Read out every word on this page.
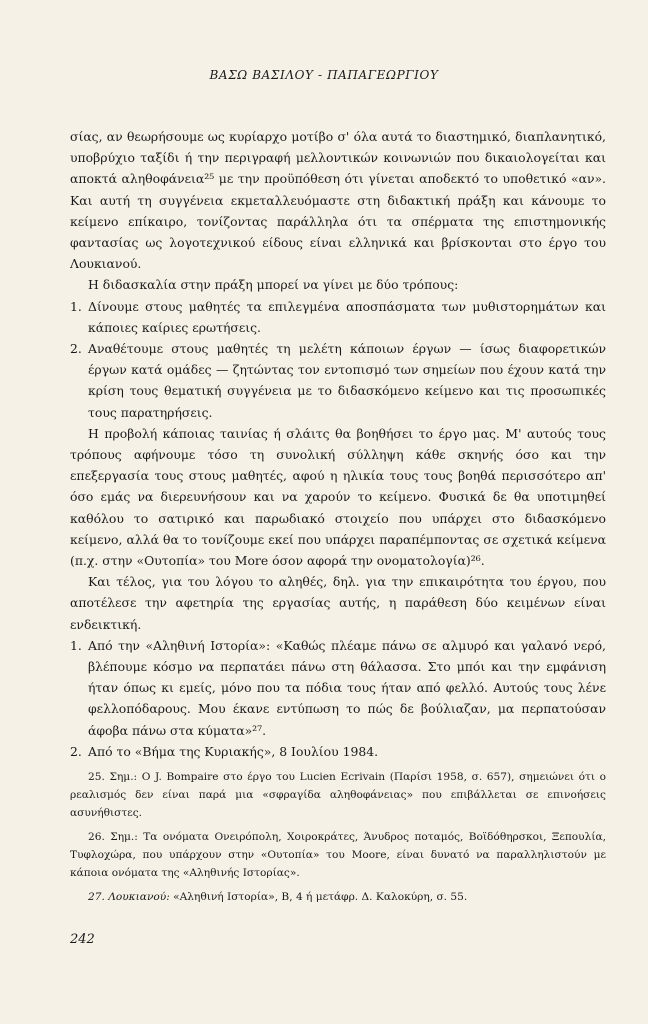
ΒΑΣΩ ΒΑΣΙΛΟΥ - ΠΑΠΑΓΕΩΡΓΙΟΥ

σίας, αν θεωρήσουμε ως κυρίαρχο μοτίβο σ' όλα αυτά το διαστημικό, διαπλανητικό, υποβρύχιο ταξίδι ή την περιγραφή μελλοντικών κοινωνιών που δικαιολογείται και αποκτά αληθοφάνεια²⁵ με την προϋπόθεση ότι γίνεται αποδεκτό το υποθετικό «αν». Και αυτή τη συγγένεια εκμεταλλευόμαστε στη διδακτική πράξη και κάνουμε το κείμενο επίκαιρο, τονίζοντας παράλληλα ότι τα σπέρματα της επιστημονικής φαντασίας ως λογοτεχνικού είδους είναι ελληνικά και βρίσκονται στο έργο του Λουκιανού.

Η διδασκαλία στην πράξη μπορεί να γίνει με δύο τρόπους:

1. Δίνουμε στους μαθητές τα επιλεγμένα αποσπάσματα των μυθιστορημάτων και κάποιες καίριες ερωτήσεις.
2. Αναθέτουμε στους μαθητές τη μελέτη κάποιων έργων — ίσως διαφορετικών έργων κατά ομάδες — ζητώντας τον εντοπισμό των σημείων που έχουν κατά την κρίση τους θεματική συγγένεια με το διδασκόμενο κείμενο και τις προσωπικές τους παρατηρήσεις.

Η προβολή κάποιας ταινίας ή σλάιτς θα βοηθήσει το έργο μας. Μ' αυτούς τους τρόπους αφήνουμε τόσο τη συνολική σύλληψη κάθε σκηνής όσο και την επεξεργασία τους στους μαθητές, αφού η ηλικία τους τους βοηθά περισσότερο απ' όσο εμάς να διερευνήσουν και να χαρούν το κείμενο. Φυσικά δε θα υποτιμηθεί καθόλου το σατιρικό και παρωδιακό στοιχείο που υπάρχει στο διδασκόμενο κείμενο, αλλά θα το τονίζουμε εκεί που υπάρχει παραπέμποντας σε σχετικά κείμενα (π.χ. στην «Ουτοπία» του More όσον αφορά την ονοματολογία)²⁶.

Και τέλος, για του λόγου το αληθές, δηλ. για την επικαιρότητα του έργου, που αποτέλεσε την αφετηρία της εργασίας αυτής, η παράθεση δύο κειμένων είναι ενδεικτική.

1. Από την «Αληθινή Ιστορία»: «Καθώς πλέαμε πάνω σε αλμυρό και γαλανό νερό, βλέπουμε κόσμο να περπατάει πάνω στη θάλασσα. Στο μπόι και την εμφάνιση ήταν όπως κι εμείς, μόνο που τα πόδια τους ήταν από φελλό. Αυτούς τους λένε φελλοπόδαρους. Μου έκανε εντύπωση το πώς δε βούλιαζαν, μα περπατούσαν άφοβα πάνω στα κύματα»²⁷.
2. Από το «Βήμα της Κυριακής», 8 Ιουλίου 1984.

25. Σημ.: Ο J. Bompaire στο έργο του Lucien Ecrivain (Παρίσι 1958, σ. 657), σημειώνει ότι ο ρεαλισμός δεν είναι παρά μια «σφραγίδα αληθοφάνειας» που επιβάλλεται σε επινοήσεις ασυνήθιστες.

26. Σημ.: Τα ονόματα Ονειρόπολη, Χοιροκράτες, Άνυδρος ποταμός, Βοϊδόθηρσκοι, Ξεπουλία, Τυφλοχώρα, που υπάρχουν στην «Ουτοπία» του Moore, είναι δυνατό να παραλληλιστούν με κάποια ονόματα της «Αληθινής Ιστορίας».

27. Λουκιανού: «Αληθινή Ιστορία», Β, 4 ή μετάφρ. Δ. Καλοκύρη, σ. 55.

242
